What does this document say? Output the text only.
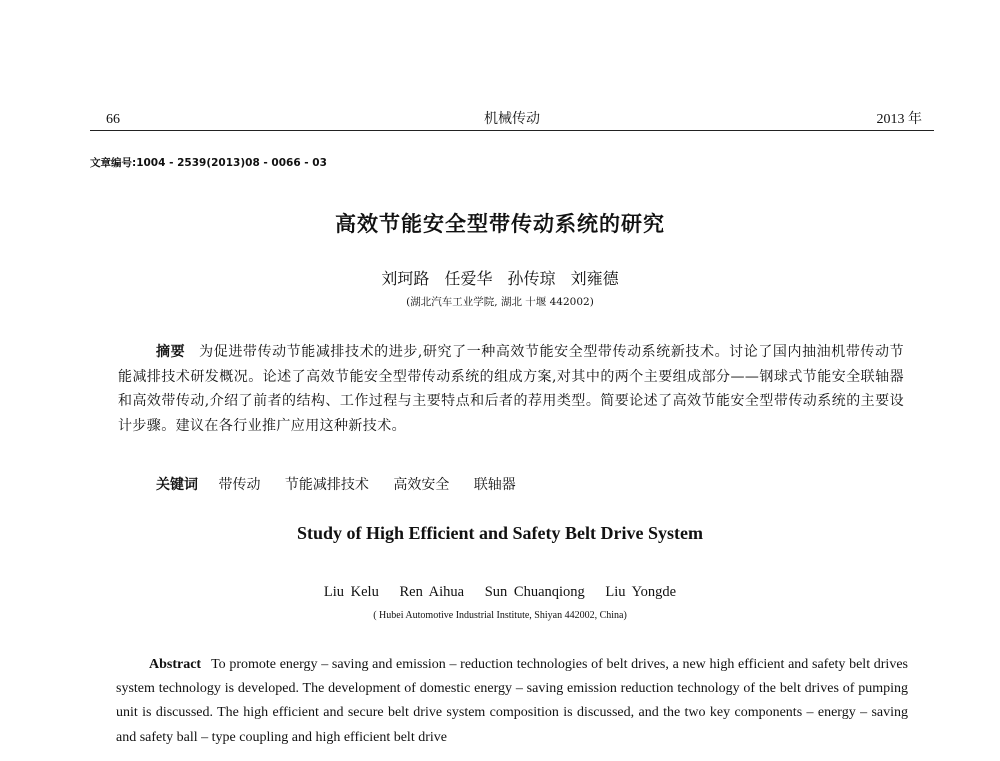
66	机械传动	2013 年
文章编号:1004 - 2539(2013)08 - 0066 - 03
高效节能安全型带传动系统的研究
刘珂路 任爱华 孙传琼 刘雍德
(湖北汽车工业学院, 湖北 十堰 442002)
摘要 为促进带传动节能减排技术的进步,研究了一种高效节能安全型带传动系统新技术。讨论了国内抽油机带传动节能减排技术研发概况。论述了高效节能安全型带传动系统的组成方案,对其中的两个主要组成部分——钢球式节能安全联轴器和高效带传动,介绍了前者的结构、工作过程与主要特点和后者的荐用类型。简要论述了高效节能安全型带传动系统的主要设计步骤。建议在各行业推广应用这种新技术。
关键词 带传动 节能减排技术 高效安全 联轴器
Study of High Efficient and Safety Belt Drive System
Liu Kelu Ren Aihua Sun Chuanqiong Liu Yongde
( Hubei Automotive Industrial Institute, Shiyan 442002, China)
Abstract To promote energy – saving and emission – reduction technologies of belt drives, a new high efficient and safety belt drives system technology is developed. The development of domestic energy – saving emission reduction technology of the belt drives of pumping unit is discussed. The high efficient and secure belt drive system composition is discussed, and the two key components – energy – saving and safety ball – type coupling and high efficient belt drive
